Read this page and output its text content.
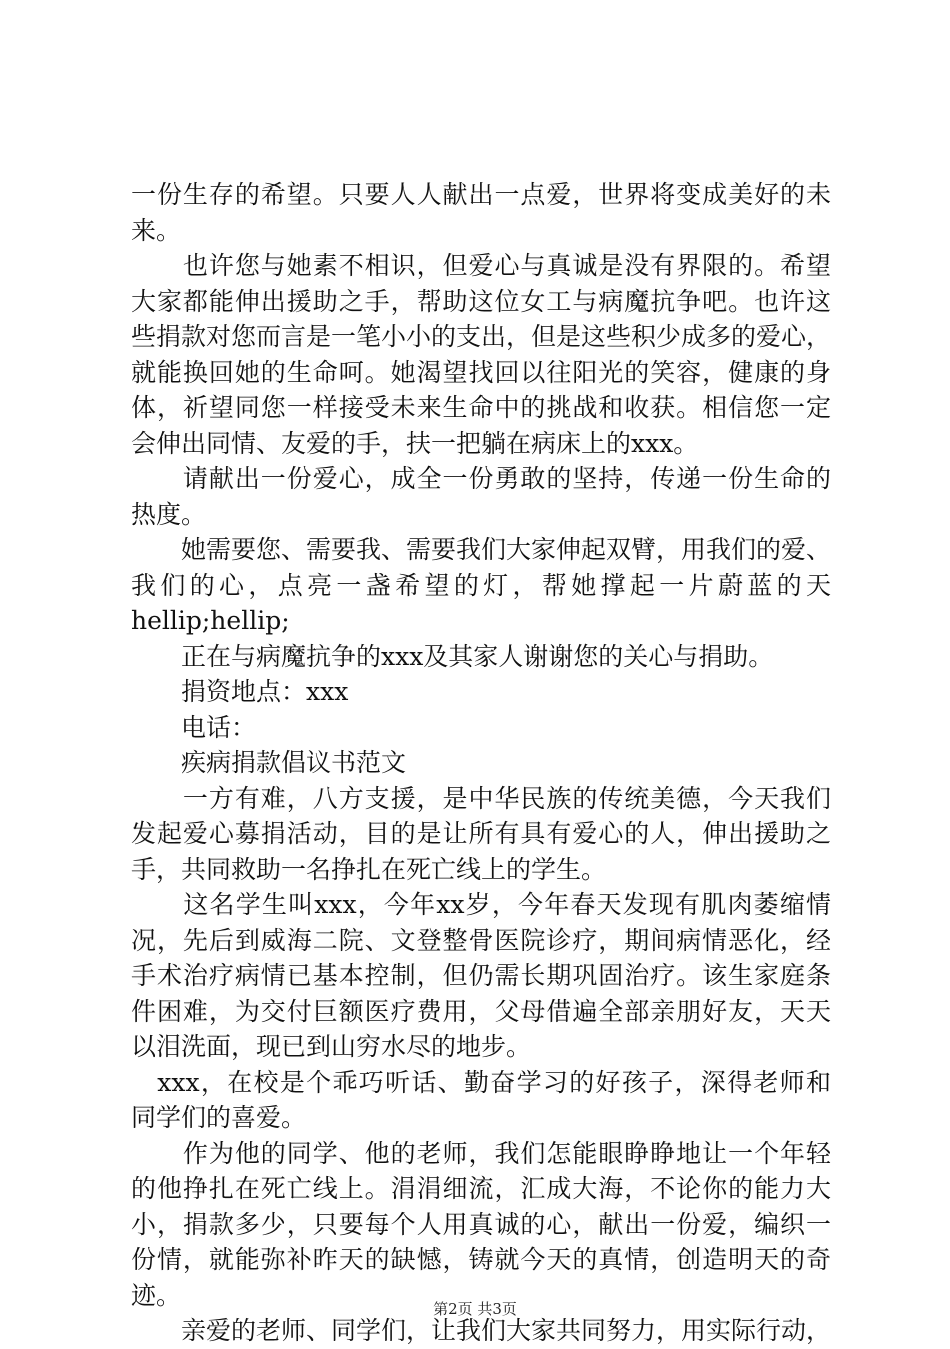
一份生存的希望。只要人人献出一点爱，世界将变成美好的未
来。
　　也许您与她素不相识，但爱心与真诚是没有界限的。希望
大家都能伸出援助之手，帮助这位女工与病魔抗争吧。也许这
些捐款对您而言是一笔小小的支出，但是这些积少成多的爱心，
就能换回她的生命呵。她渴望找回以往阳光的笑容，健康的身
体，祈望同您一样接受未来生命中的挑战和收获。相信您一定
会伸出同情、友爱的手，扶一把躺在病床上的xxx。
　　请献出一份爱心，成全一份勇敢的坚持，传递一份生命的
热度。
　　她需要您、需要我、需要我们大家伸起双臂，用我们的爱、
我们的心，点亮一盏希望的灯，帮她撑起一片蔚蓝的天
hellip;hellip;
　　正在与病魔抗争的xxx及其家人谢谢您的关心与捐助。
　　捐资地点：xxx
　　电话：
　　疾病捐款倡议书范文
　　一方有难，八方支援，是中华民族的传统美德，今天我们
发起爱心募捐活动，目的是让所有具有爱心的人，伸出援助之
手，共同救助一名挣扎在死亡线上的学生。
　　这名学生叫xxx，今年xx岁，今年春天发现有肌肉萎缩情
况，先后到威海二院、文登整骨医院诊疗，期间病情恶化，经
手术治疗病情已基本控制，但仍需长期巩固治疗。该生家庭条
件困难，为交付巨额医疗费用，父母借遍全部亲朋好友，天天
以泪洗面，现已到山穷水尽的地步。
　xxx，在校是个乖巧听话、勤奋学习的好孩子，深得老师和
同学们的喜爱。
　　作为他的同学、他的老师，我们怎能眼睁睁地让一个年轻
的他挣扎在死亡线上。涓涓细流，汇成大海，不论你的能力大
小，捐款多少，只要每个人用真诚的心，献出一份爱，编织一
份情，就能弥补昨天的缺憾，铸就今天的真情，创造明天的奇
迹。
　　亲爱的老师、同学们，让我们大家共同努力，用实际行动，
第2页 共3页
